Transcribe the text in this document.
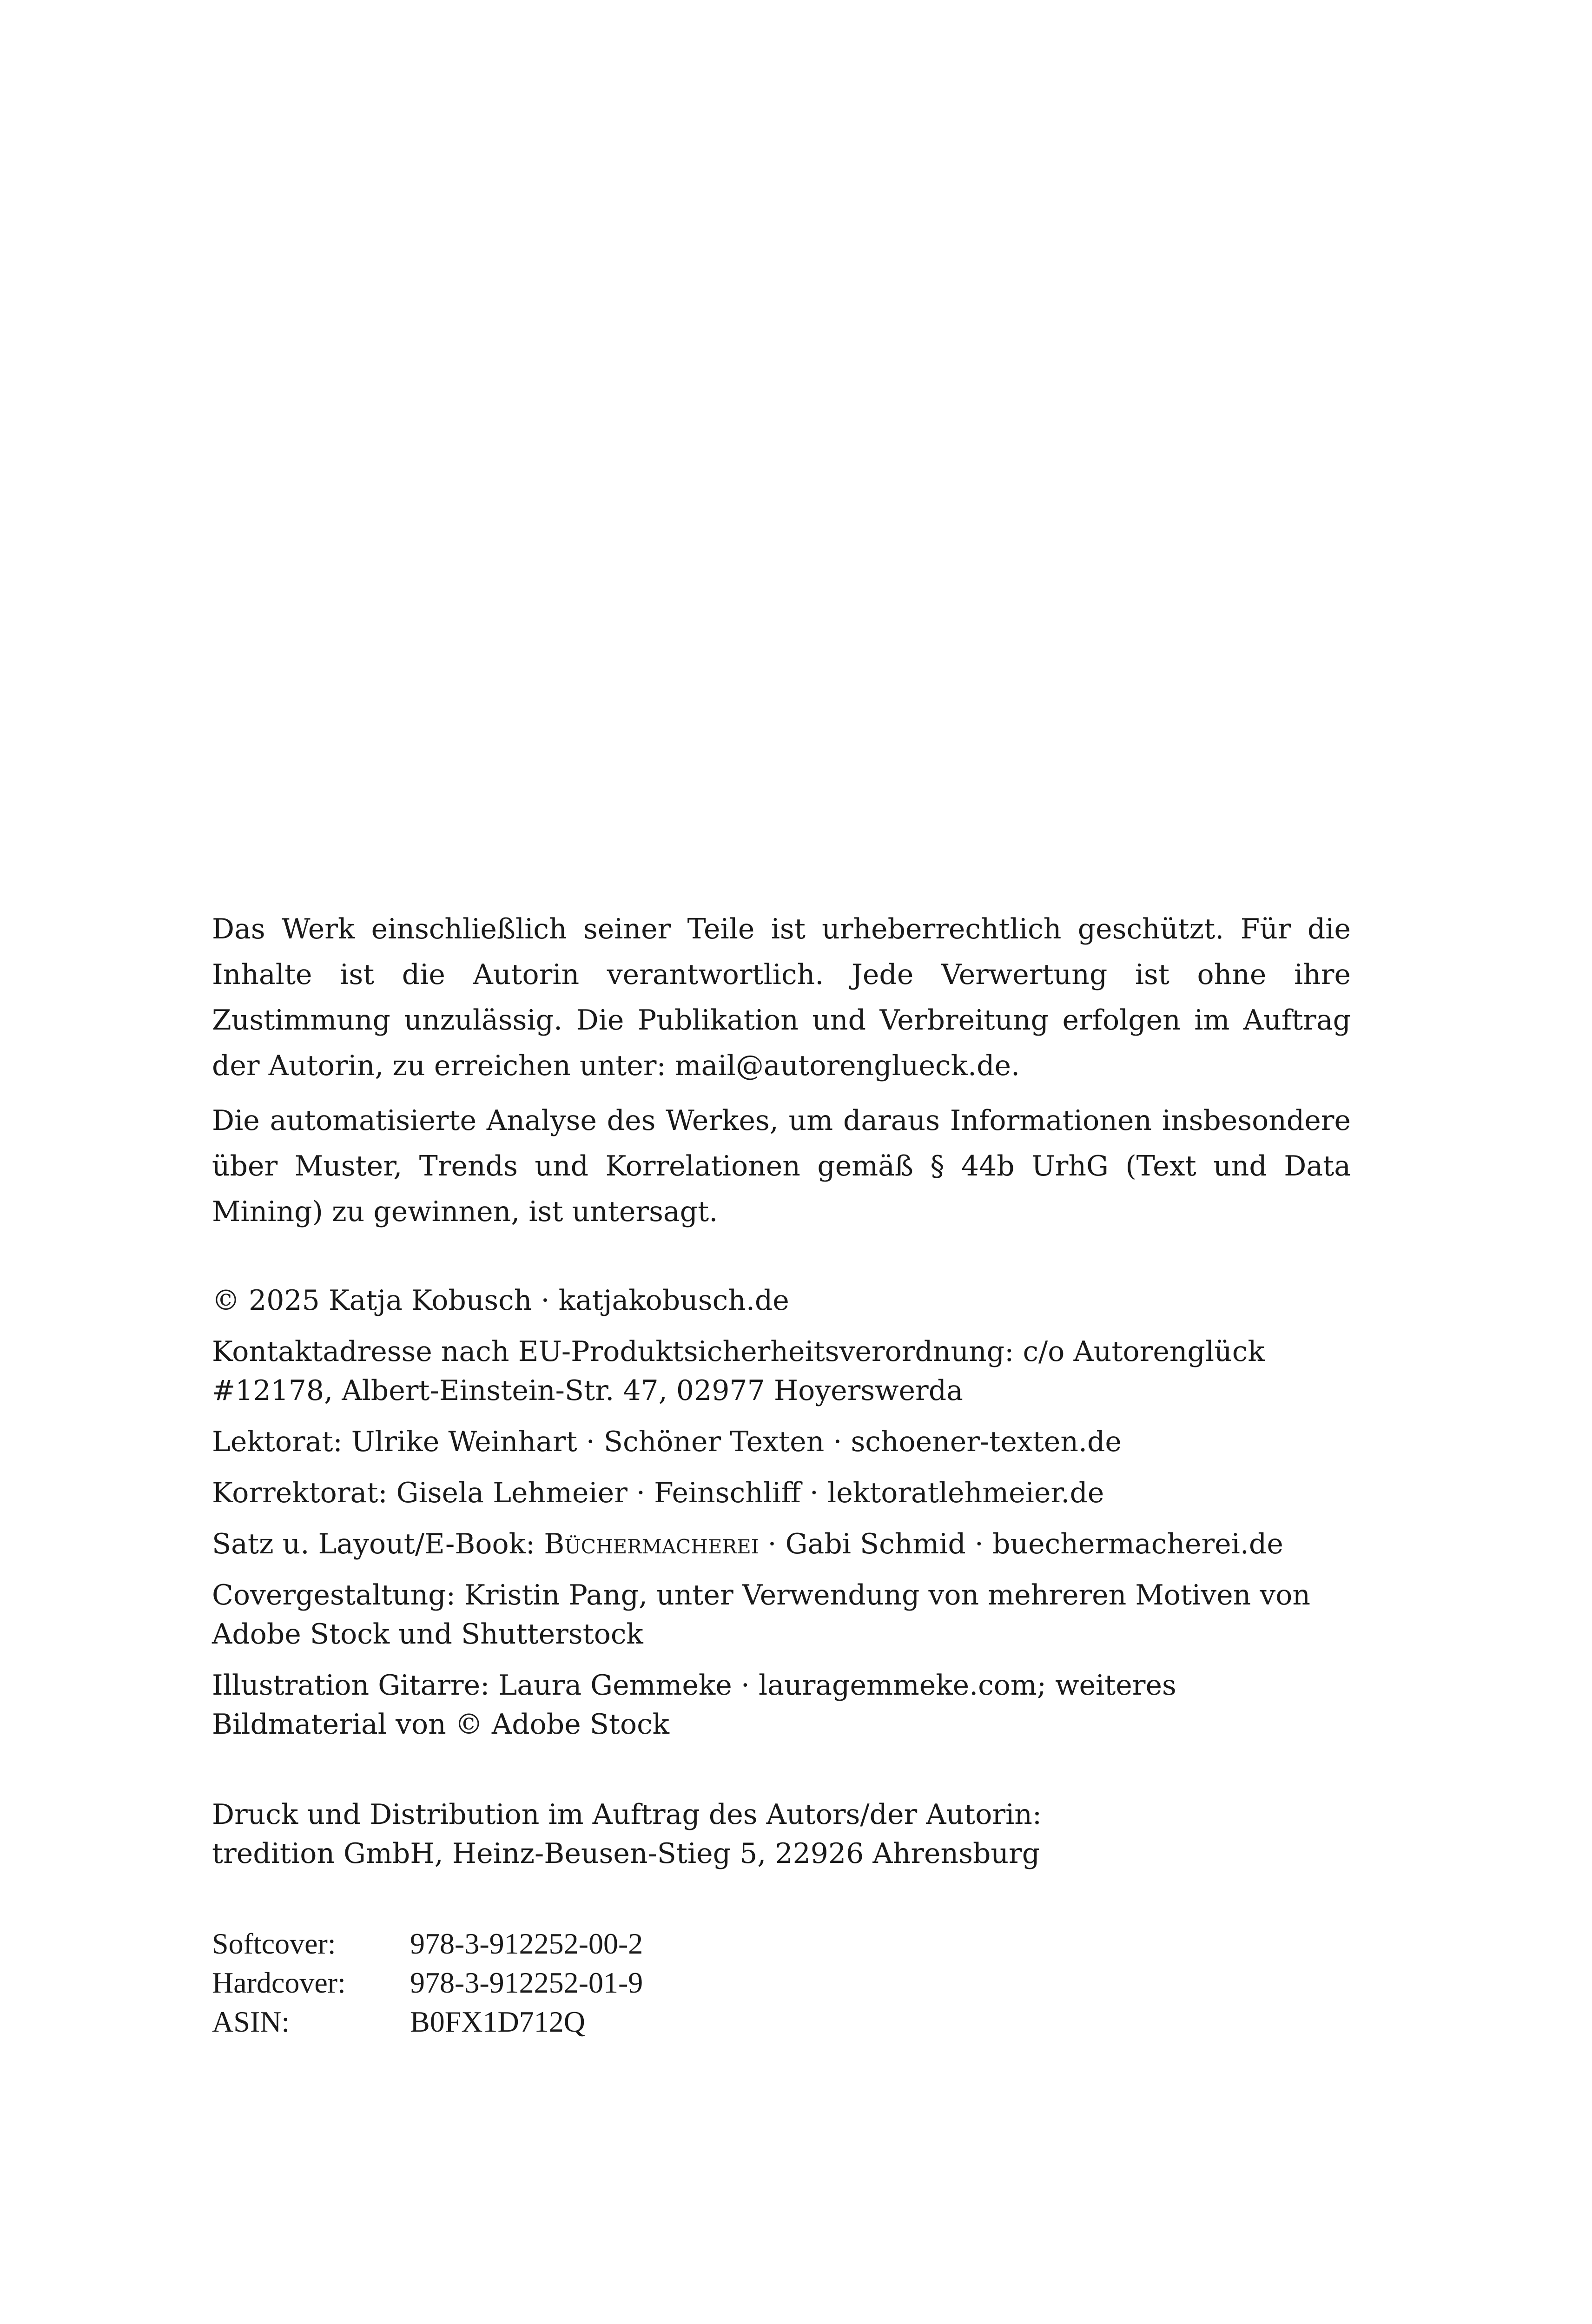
Das Werk einschließlich seiner Teile ist urheberrechtlich geschützt. Für die Inhalte ist die Autorin verantwortlich. Jede Verwertung ist ohne ihre Zustimmung unzulässig. Die Publikation und Verbreitung erfolgen im Auftrag der Autorin, zu erreichen unter: mail@autorenglueck.de.

Die automatisierte Analyse des Werkes, um daraus Informationen insbesondere über Muster, Trends und Korrelationen gemäß § 44b UrhG (Text und Data Mining) zu gewinnen, ist untersagt.

© 2025 Katja Kobusch · katjakobusch.de

Kontaktadresse nach EU-Produktsicherheitsverordnung: c/o Autorenglück #12178, Albert-Einstein-Str. 47, 02977 Hoyerswerda

Lektorat: Ulrike Weinhart · Schöner Texten · schoener-texten.de

Korrektorat: Gisela Lehmeier · Feinschliff · lektoratlehmeier.de

Satz u. Layout/E-Book: Büchermacherei · Gabi Schmid · buechermacherei.de

Covergestaltung: Kristin Pang, unter Verwendung von mehreren Motiven von Adobe Stock und Shutterstock

Illustration Gitarre: Laura Gemmeke · lauragemmeke.com; weiteres Bildmaterial von © Adobe Stock

Druck und Distribution im Auftrag des Autors/der Autorin:

tredition GmbH, Heinz-Beusen-Stieg 5, 22926 Ahrensburg

Softcover:	978-3-912252-00-2
Hardcover:	978-3-912252-01-9
ASIN:	B0FX1D712Q
